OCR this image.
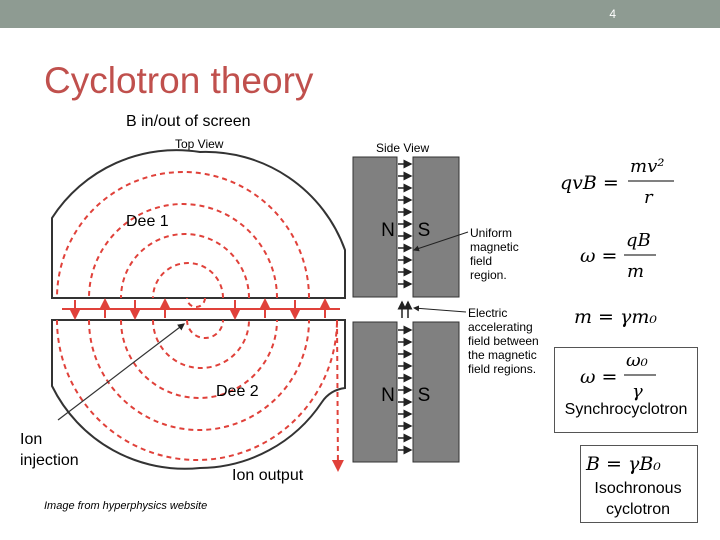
4
Cyclotron theory
B in/out of screen
Top View	Side View
N S
N S
Uniform magnetic field region.
Electric accelerating field between the magnetic field regions.
qvB =
mv²
r
ω =
qB
m
m = γm₀
ω =
ω₀
γ
Synchrocyclotron
B = γB₀
Isochronous cyclotron
Dee 1
Dee 2
Ion injection
Ion output
Image from hyperphysics website
